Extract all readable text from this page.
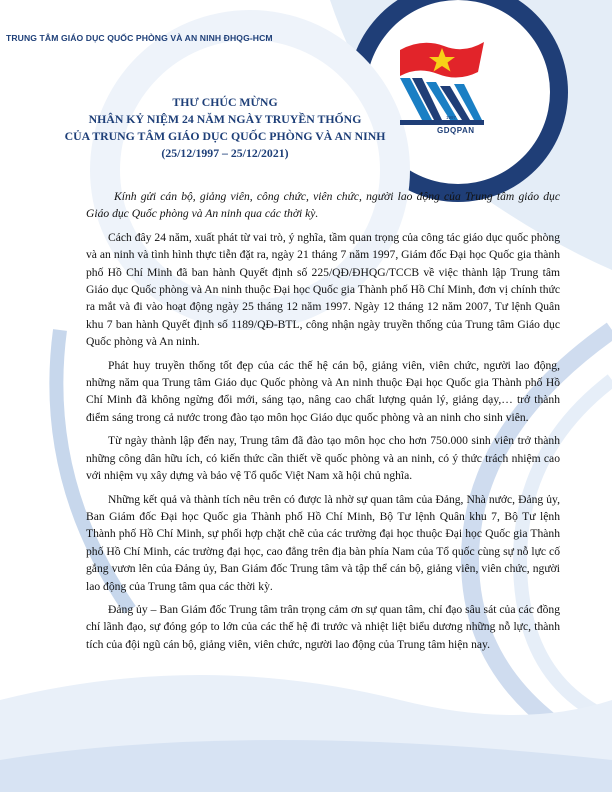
TRUNG TÂM GIÁO DỤC QUỐC PHÒNG VÀ AN NINH ĐHQG-HCM
1997
GDQPAN
THƯ CHÚC MỪNG
NHÂN KỶ NIỆM 24 NĂM NGÀY TRUYỀN THỐNG
CỦA TRUNG TÂM GIÁO DỤC QUỐC PHÒNG VÀ AN NINH
(25/12/1997 – 25/12/2021)

Kính gửi cán bộ, giảng viên, công chức, viên chức, người lao động của Trung tâm giáo dục Giáo dục Quốc phòng và An ninh qua các thời kỳ.

Cách đây 24 năm, xuất phát từ vai trò, ý nghĩa, tầm quan trọng của công tác giáo dục quốc phòng và an ninh và tình hình thực tiễn đặt ra, ngày 21 tháng 7 năm 1997, Giám đốc Đại học Quốc gia thành phố Hồ Chí Minh đã ban hành Quyết định số 225/QĐ/ĐHQG/TCCB về việc thành lập Trung tâm Giáo dục Quốc phòng và An ninh thuộc Đại học Quốc gia Thành phố Hồ Chí Minh, đơn vị chính thức ra mắt và đi vào hoạt động ngày 25 tháng 12 năm 1997. Ngày 12 tháng 12 năm 2007, Tư lệnh Quân khu 7 ban hành Quyết định số 1189/QĐ-BTL, công nhận ngày truyền thống của Trung tâm Giáo dục Quốc phòng và An ninh.

Phát huy truyền thống tốt đẹp của các thế hệ cán bộ, giảng viên, viên chức, người lao động, những năm qua Trung tâm Giáo dục Quốc phòng và An ninh thuộc Đại học Quốc gia Thành phố Hồ Chí Minh đã không ngừng đổi mới, sáng tạo, nâng cao chất lượng quản lý, giảng dạy,… trở thành điểm sáng trong cả nước trong đào tạo môn học Giáo dục quốc phòng và an ninh cho sinh viên.

Từ ngày thành lập đến nay, Trung tâm đã đào tạo môn học cho hơn 750.000 sinh viên trở thành những công dân hữu ích, có kiến thức cần thiết về quốc phòng và an ninh, có ý thức trách nhiệm cao với nhiệm vụ xây dựng và bảo vệ Tổ quốc Việt Nam xã hội chủ nghĩa.

Những kết quả và thành tích nêu trên có được là nhờ sự quan tâm của Đảng, Nhà nước, Đảng ủy, Ban Giám đốc Đại học Quốc gia Thành phố Hồ Chí Minh, Bộ Tư lệnh Quân khu 7, Bộ Tư lệnh Thành phố Hồ Chí Minh, sự phối hợp chặt chẽ của các trường đại học thuộc Đại học Quốc gia Thành phố Hồ Chí Minh, các trường đại học, cao đẳng trên địa bàn phía Nam của Tổ quốc cùng sự nỗ lực cố gắng vươn lên của Đảng ủy, Ban Giám đốc Trung tâm và tập thể cán bộ, giảng viên, viên chức, người lao động của Trung tâm qua các thời kỳ.

Đảng ủy – Ban Giám đốc Trung tâm trân trọng cảm ơn sự quan tâm, chỉ đạo sâu sát của các đồng chí lãnh đạo, sự đóng góp to lớn của các thế hệ đi trước và nhiệt liệt biểu dương những nỗ lực, thành tích của đội ngũ cán bộ, giảng viên, viên chức, người lao động của Trung tâm hiện nay.
